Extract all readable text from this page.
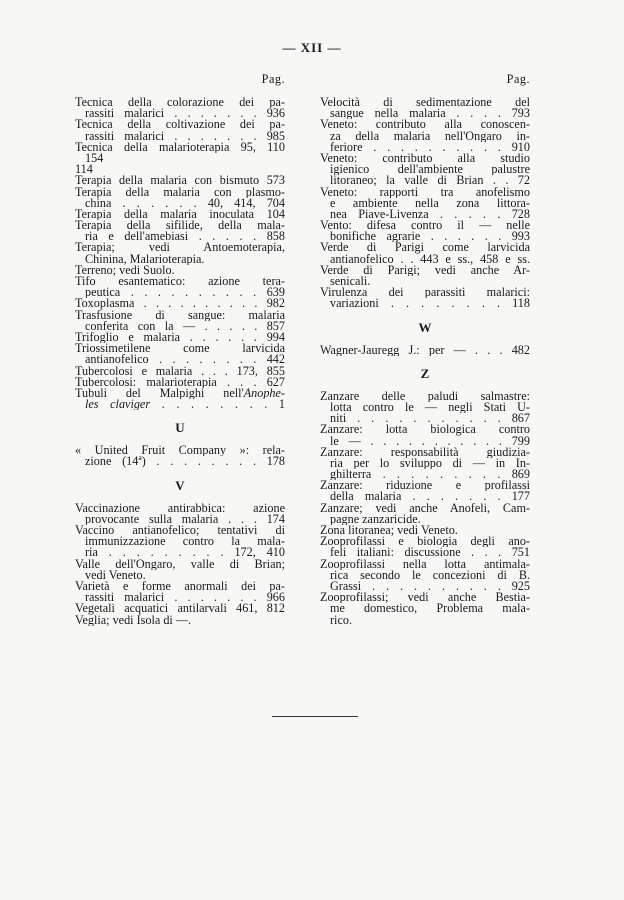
— XII —
Pag.
Tecnica della colorazione dei pa-
rassiti malarici . . . . . . . 936
Tecnica della coltivazione dei pa-
rassiti malarici . . . . . . . 985
Tecnica della malarioterapia 95, 110
154
114
Terapia della malaria con bismuto 573
Terapia della malaria con plasmo-
china . . . . . . 40, 414, 704
Terapia della malaria inoculata 104
Terapia della sifilide, della mala-
ria e dell'amebiasi . . . . . 858
Terapia; vedi Antoemoterapia,
Chinina, Malarioterapia.
Terreno; vedi Suolo.
Tifo esantematico: azione tera-
peutica . . . . . . . . . . 639
Toxoplasma . . . . . . . . . . 982
Trasfusione di sangue: malaria
conferita con la — . . . . . 857
Trifoglio e malaria . . . . . . 994
Triossimetilene come larvicida
antianofelico . . . . . . . . 442
Tubercolosi e malaria . . . 173, 855
Tubercolosi: malarioterapia . . . 627
Tubuli del Malpighi nell'Anophe-
les claviger . . . . . . . . 1
U
« United Fruit Company »: rela-
zione (14ª) . . . . . . . . 178
V
Vaccinazione antirabbica: azione
provocante sulla malaria . . . 174
Vaccino antianofelico; tentativi di
immunizzazione contro la mala-
ria . . . . . . . . . 172, 410
Valle dell'Ongaro, valle di Brian;
vedi Veneto.
Varietà e forme anormali dei pa-
rassiti malarici . . . . . . . 966
Vegetali acquatici antilarvali 461, 812
Veglia; vedi Isola di —.
Pag.
Velocità di sedimentazione del
sangue nella malaria . . . . 793
Veneto: contributo alla conoscen-
za della malaria nell'Ongaro in-
feriore . . . . . . . . . . 910
Veneto: contributo alla studio
igienico dell'ambiente palustre
litoraneo; la valle di Brian . . 72
Veneto: rapporti tra anofelismo
e ambiente nella zona littora-
nea Piave-Livenza . . . . . 728
Vento: difesa contro il — nelle
bonifiche agrarie . . . . . . 993
Verde di Parigi come larvicida
antianofelico . . 443 e ss., 458 e ss.
Verde di Parigi; vedi anche Ar-
senicali.
Virulenza dei parassiti malarici:
variazioni . . . . . . . . 118
W
Wagner-Jauregg J.: per — . . . 482
Z
Zanzare delle paludi salmastre:
lotta contro le — negli Stati U-
niti . . . . . . . . . . . 867
Zanzare: lotta biologica contro
le — . . . . . . . . . . . 799
Zanzare: responsabilità giudizia-
ria per lo sviluppo di — in In-
ghilterra . . . . . . . . . 869
Zanzare: riduzione e profilassi
della malaria . . . . . . . 177
Zanzare; vedi anche Anofeli, Cam-
pagne zanzaricide.
Zona litoranea; vedi Veneto.
Zooprofilassi e biologia degli ano-
feli italiani: discussione . . . 751
Zooprofilassi nella lotta antimala-
rica secondo le concezioni di B.
Grassi . . . . . . . . . . 925
Zooprofilassi; vedi anche Bestia-
me domestico, Problema mala-
rico.
